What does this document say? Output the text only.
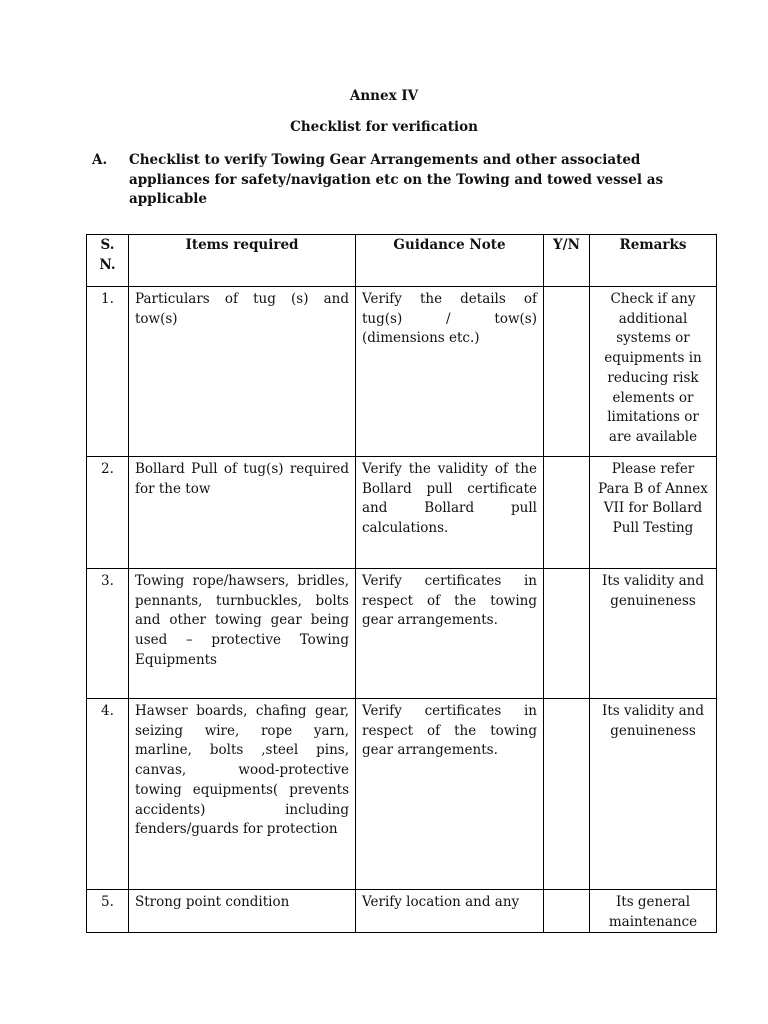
Annex IV

Checklist for verification

A. Checklist to verify Towing Gear Arrangements and other associated appliances for safety/navigation etc on the Towing and towed vessel as applicable
S. N.	Items required	Guidance Note	Y/N	Remarks
1.	Particulars of tug (s) and tow(s)	Verify the details of tug(s) / tow(s) (dimensions etc.)		Check if any additional systems or equipments in reducing risk elements or limitations or are available
2.	Bollard Pull of tug(s) required for the tow	Verify the validity of the Bollard pull certificate and Bollard pull calculations.		Please refer Para B of Annex VII for Bollard Pull Testing
3.	Towing rope/hawsers, bridles, pennants, turnbuckles, bolts and other towing gear being used – protective Towing Equipments	Verify certificates in respect of the towing gear arrangements.		Its validity and genuineness
4.	Hawser boards, chafing gear, seizing wire, rope yarn, marline, bolts ,steel pins, canvas, wood-protective towing equipments( prevents accidents) including fenders/guards for protection	Verify certificates in respect of the towing gear arrangements.		Its validity and genuineness
5.	Strong point condition	Verify location and any		Its general maintenance
